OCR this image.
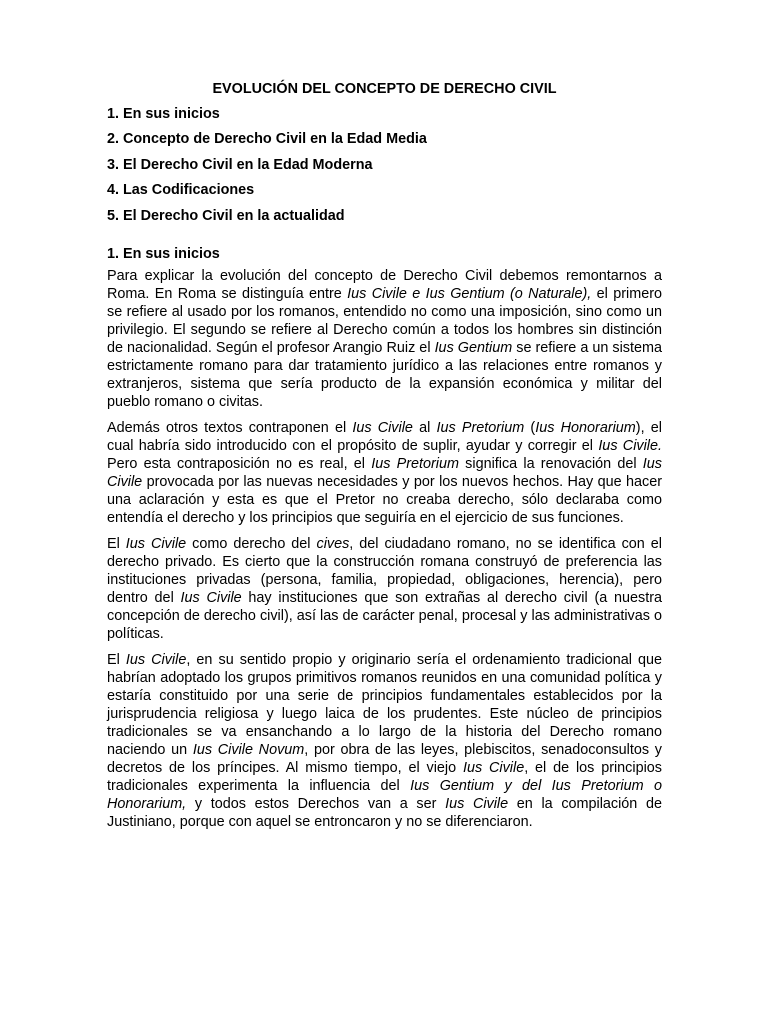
EVOLUCIÓN DEL CONCEPTO DE DERECHO CIVIL
1. En sus inicios
2. Concepto de Derecho Civil en la Edad Media
3. El Derecho Civil en la Edad Moderna
4. Las Codificaciones
5. El Derecho Civil en la actualidad
1. En sus inicios

Para explicar la evolución del concepto de Derecho Civil debemos remontarnos a Roma. En Roma se distinguía entre Ius Civile e Ius Gentium (o Naturale), el primero se refiere al usado por los romanos, entendido no como una imposición, sino como un privilegio. El segundo se refiere al Derecho común a todos los hombres sin distinción de nacionalidad. Según el profesor Arangio Ruiz el Ius Gentium se refiere a un sistema estrictamente romano para dar tratamiento jurídico a las relaciones entre romanos y extranjeros, sistema que sería producto de la expansión económica y militar del pueblo romano o civitas.

Además otros textos contraponen el Ius Civile al Ius Pretorium (Ius Honorarium), el cual habría sido introducido con el propósito de suplir, ayudar y corregir el Ius Civile. Pero esta contraposición no es real, el Ius Pretorium significa la renovación del Ius Civile provocada por las nuevas necesidades y por los nuevos hechos. Hay que hacer una aclaración y esta es que el Pretor no creaba derecho, sólo declaraba como entendía el derecho y los principios que seguiría en el ejercicio de sus funciones.

El Ius Civile como derecho del cives, del ciudadano romano, no se identifica con el derecho privado. Es cierto que la construcción romana construyó de preferencia las instituciones privadas (persona, familia, propiedad, obligaciones, herencia), pero dentro del Ius Civile hay instituciones que son extrañas al derecho civil (a nuestra concepción de derecho civil), así las de carácter penal, procesal y las administrativas o políticas.

El Ius Civile, en su sentido propio y originario sería el ordenamiento tradicional que habrían adoptado los grupos primitivos romanos reunidos en una comunidad política y estaría constituido por una serie de principios fundamentales establecidos por la jurisprudencia religiosa y luego laica de los prudentes. Este núcleo de principios tradicionales se va ensanchando a lo largo de la historia del Derecho romano naciendo un Ius Civile Novum, por obra de las leyes, plebiscitos, senadoconsultos y decretos de los príncipes. Al mismo tiempo, el viejo Ius Civile, el de los principios tradicionales experimenta la influencia del Ius Gentium y del Ius Pretorium o Honorarium, y todos estos Derechos van a ser Ius Civile en la compilación de Justiniano, porque con aquel se entroncaron y no se diferenciaron.
